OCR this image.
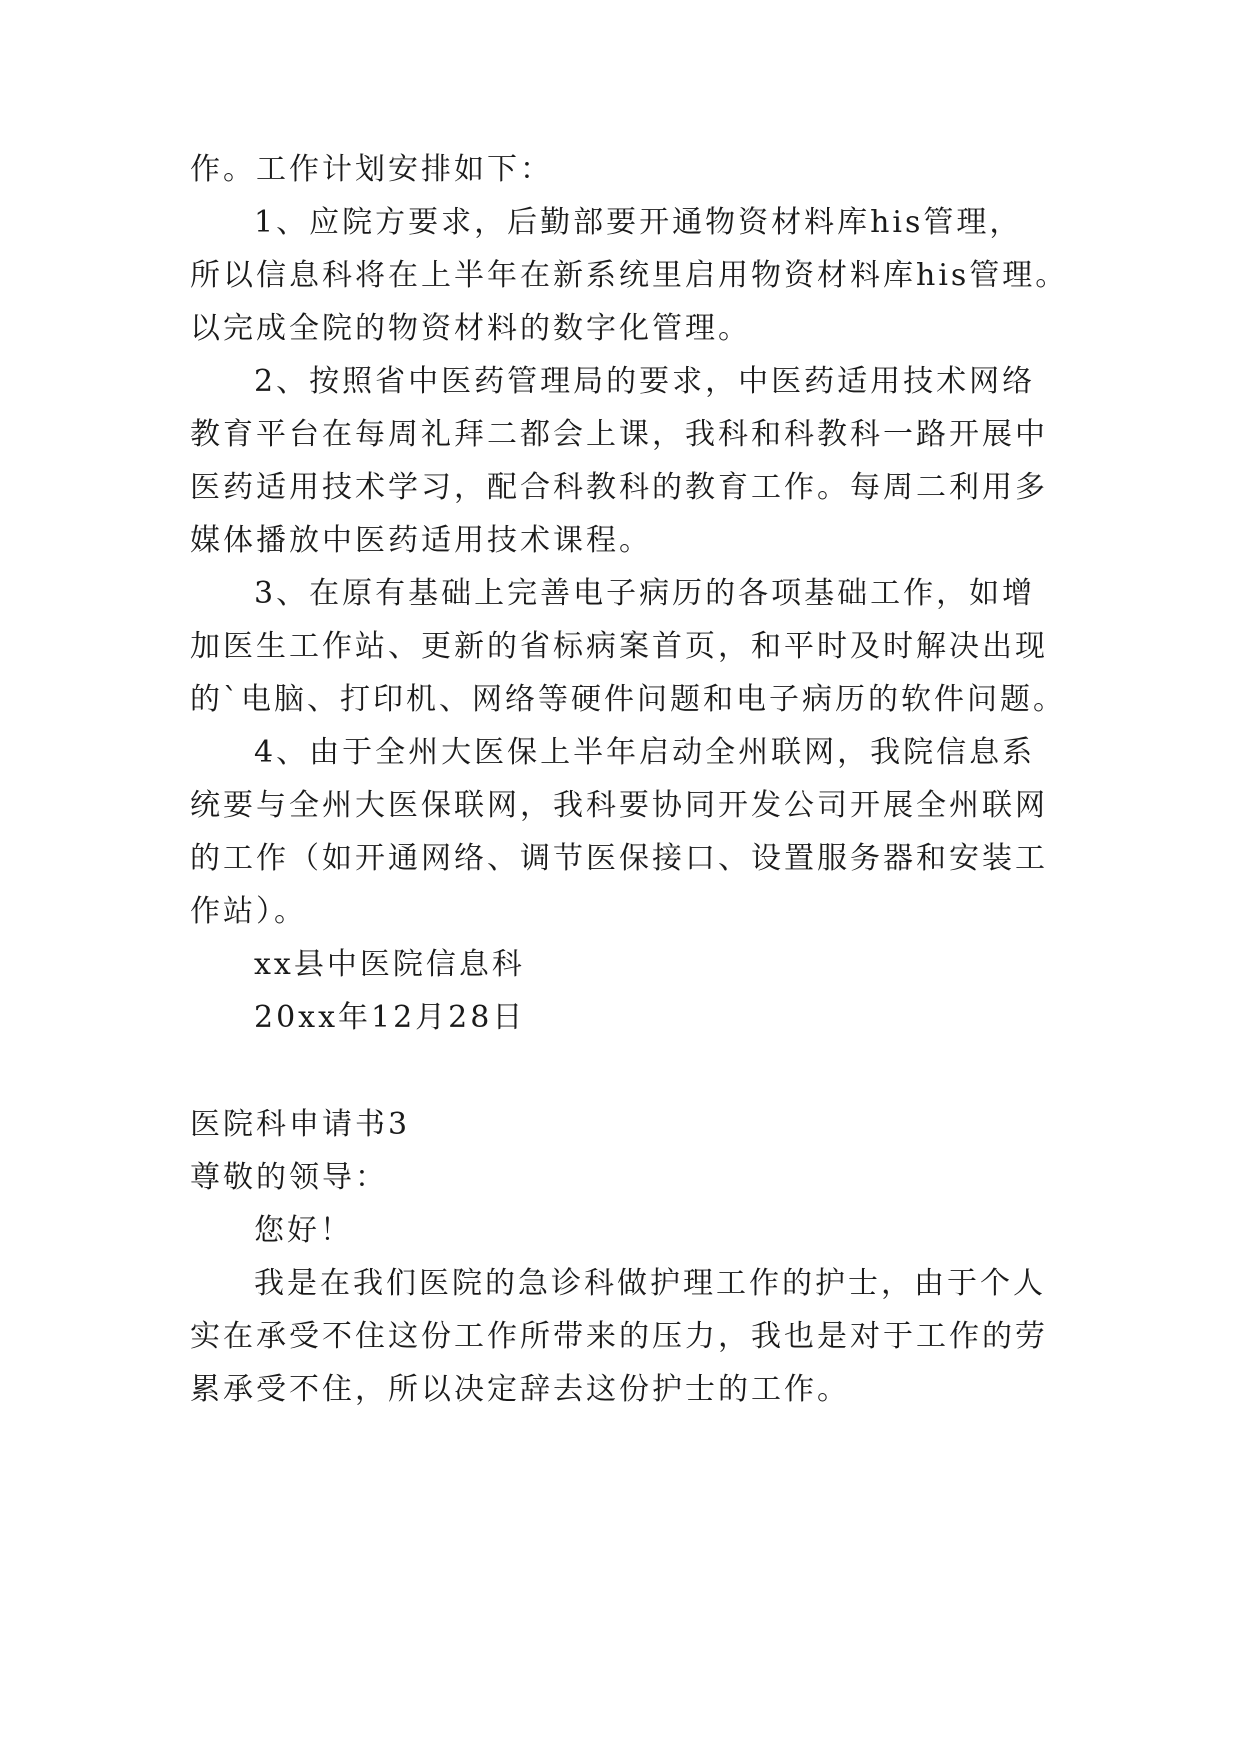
作。工作计划安排如下：

1、应院方要求，后勤部要开通物资材料库his管理，

所以信息科将在上半年在新系统里启用物资材料库his管理。

以完成全院的物资材料的数字化管理。

2、按照省中医药管理局的要求，中医药适用技术网络

教育平台在每周礼拜二都会上课，我科和科教科一路开展中

医药适用技术学习，配合科教科的教育工作。每周二利用多

媒体播放中医药适用技术课程。

3、在原有基础上完善电子病历的各项基础工作，如增

加医生工作站、更新的省标病案首页，和平时及时解决出现

的`电脑、打印机、网络等硬件问题和电子病历的软件问题。

4、由于全州大医保上半年启动全州联网，我院信息系

统要与全州大医保联网，我科要协同开发公司开展全州联网

的工作（如开通网络、调节医保接口、设置服务器和安装工

作站）。

xx县中医院信息科

20xx年12月28日

医院科申请书3

尊敬的领导：

您好！

我是在我们医院的急诊科做护理工作的护士，由于个人

实在承受不住这份工作所带来的压力，我也是对于工作的劳

累承受不住，所以决定辞去这份护士的工作。
